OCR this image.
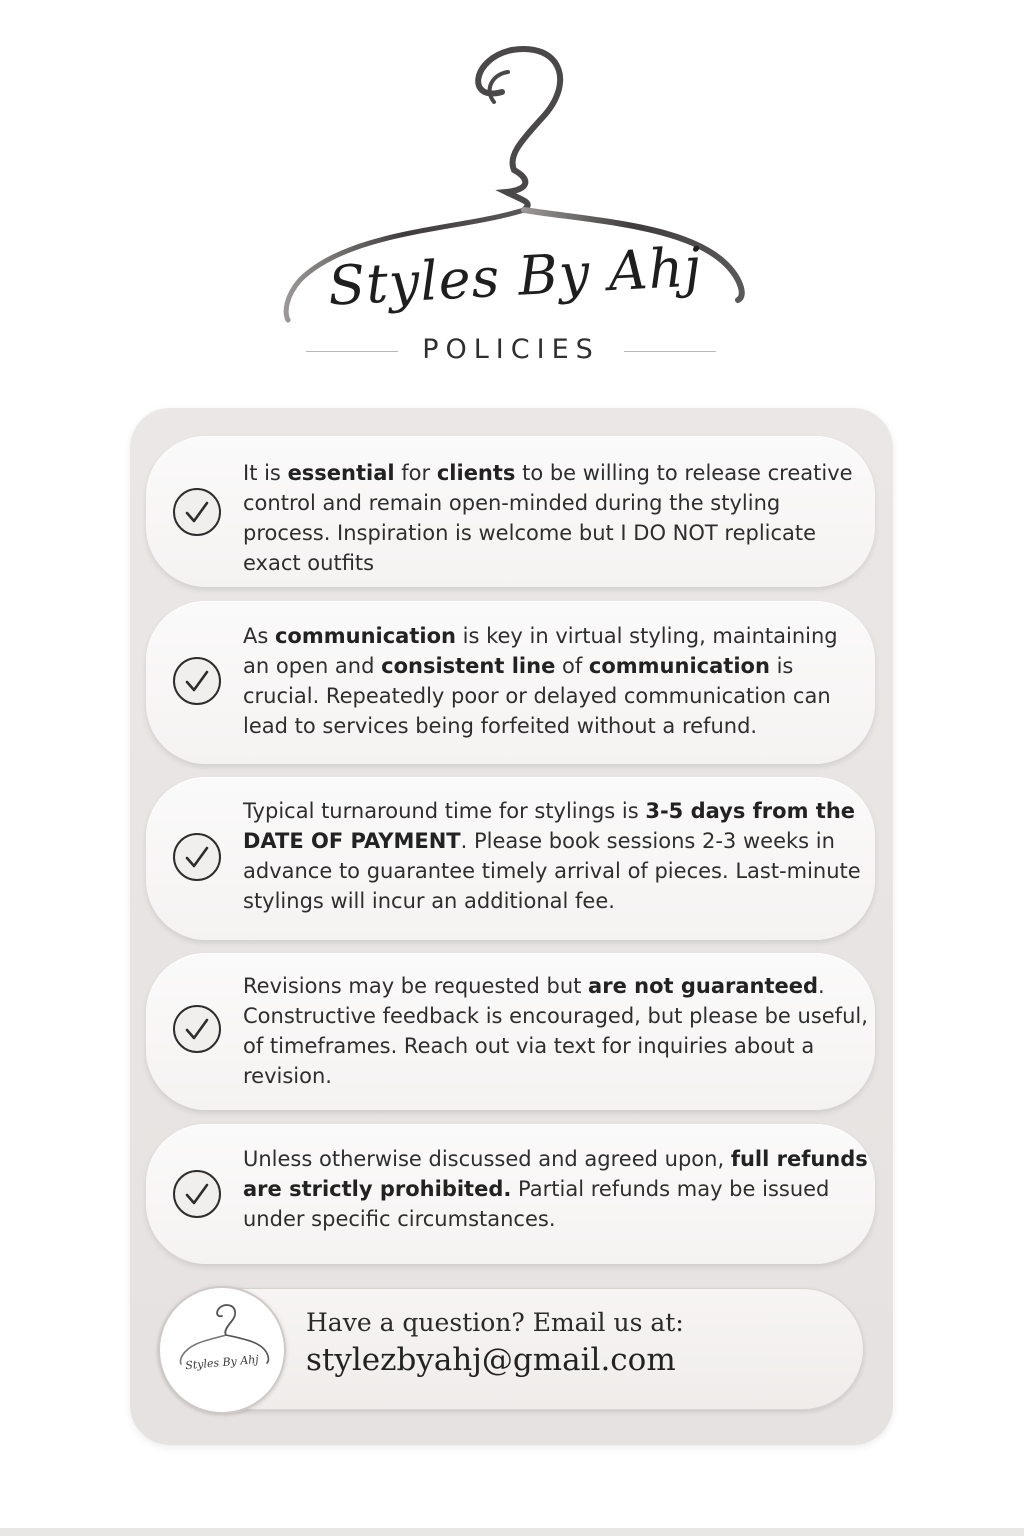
Styles By Ahj
POLICIES
It is essential for clients to be willing to release creative control and remain open-minded during the styling process. Inspiration is welcome but I DO NOT replicate exact outfits
As communication is key in virtual styling, maintaining an open and consistent line of communication is crucial. Repeatedly poor or delayed communication can lead to services being forfeited without a refund.
Typical turnaround time for stylings is 3-5 days from the DATE OF PAYMENT. Please book sessions 2-3 weeks in advance to guarantee timely arrival of pieces. Last-minute stylings will incur an additional fee.
Revisions may be requested but are not guaranteed. Constructive feedback is encouraged, but please be useful, of timeframes. Reach out via text for inquiries about a revision.
Unless otherwise discussed and agreed upon, full refunds are strictly prohibited. Partial refunds may be issued under specific circumstances.
Styles By Ahj
Have a question? Email us at:
stylezbyahj@gmail.com
